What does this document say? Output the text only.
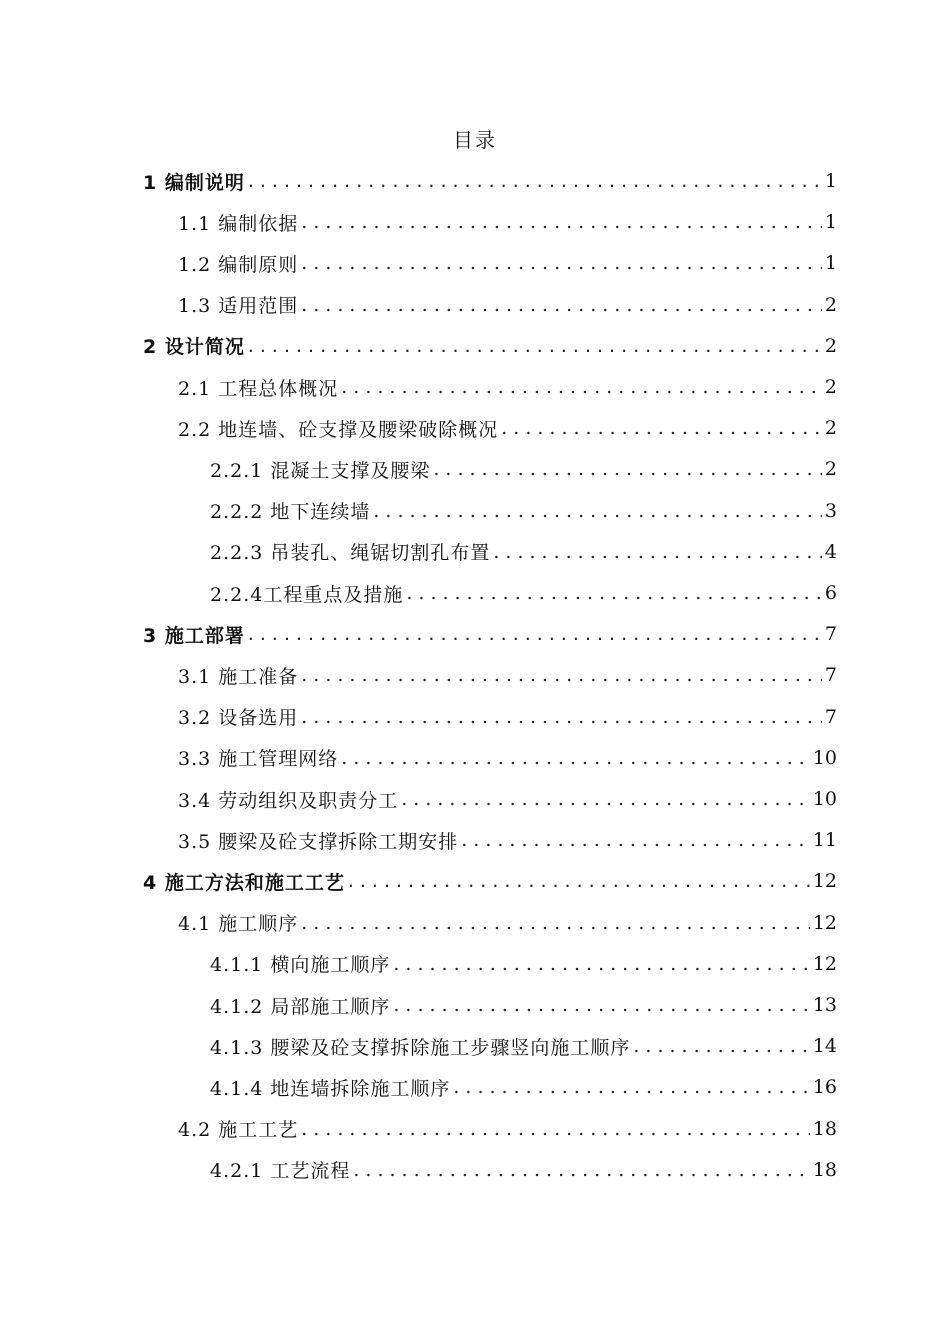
目录
1 编制说明 .....	1
1.1 编制依据 .....	1
1.2 编制原则 .....	1
1.3 适用范围 .....	2
2 设计简况 .....	2
2.1 工程总体概况 .....	2
2.2 地连墙、砼支撑及腰梁破除概况 .....	2
2.2.1 混凝土支撑及腰梁 .....	2
2.2.2 地下连续墙 .....	3
2.2.3 吊装孔、绳锯切割孔布置 .....	4
2.2.4工程重点及措施 .....	6
3 施工部署 .....	7
3.1 施工准备 .....	7
3.2 设备选用 .....	7
3.3 施工管理网络 .....	10
3.4 劳动组织及职责分工 .....	10
3.5 腰梁及砼支撑拆除工期安排 .....	11
4 施工方法和施工工艺 .....	12
4.1 施工顺序 .....	12
4.1.1 横向施工顺序 .....	12
4.1.2 局部施工顺序 .....	13
4.1.3 腰梁及砼支撑拆除施工步骤竖向施工顺序 .....	14
4.1.4 地连墙拆除施工顺序 .....	16
4.2 施工工艺 .....	18
4.2.1 工艺流程 .....	18
